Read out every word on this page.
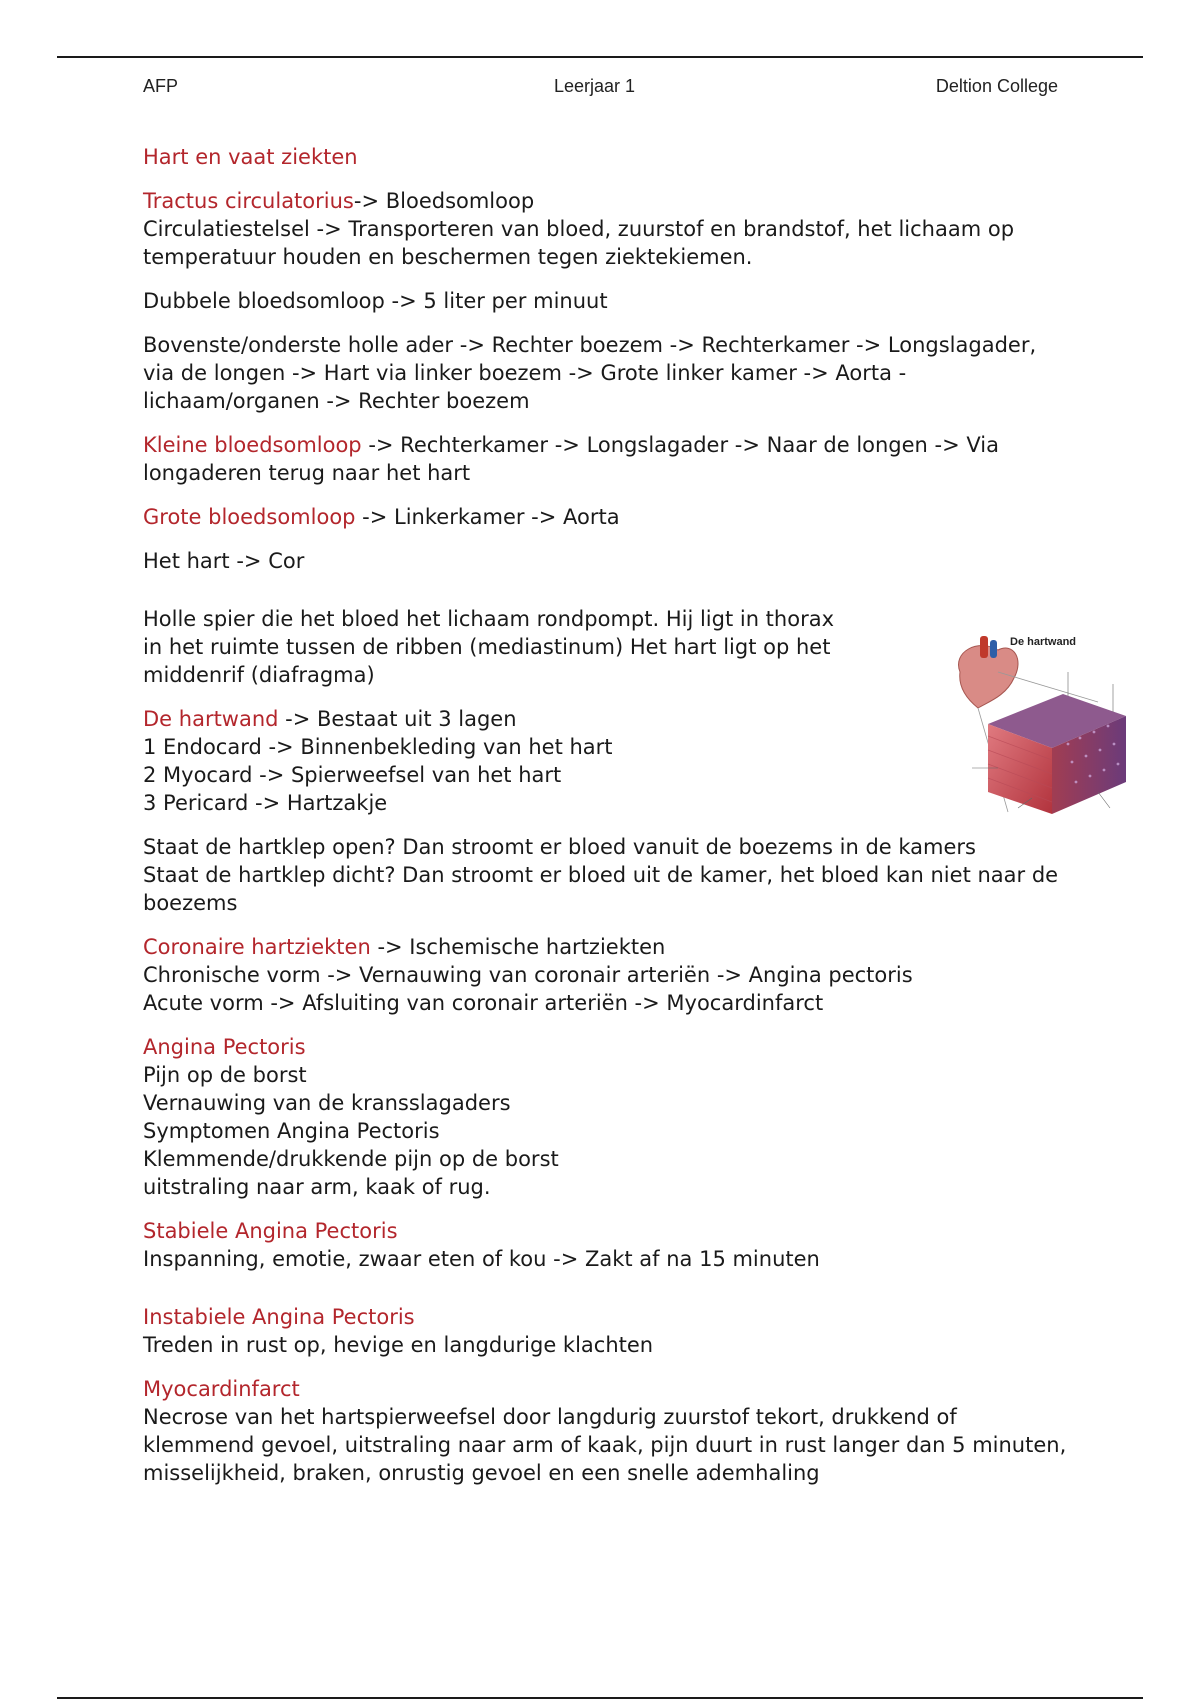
AFP	Leerjaar 1	Deltion College

Hart en vaat ziekten

Tractus circulatorius-> Bloedsomloop
Circulatiestelsel -> Transporteren van bloed, zuurstof en brandstof, het lichaam op temperatuur houden en beschermen tegen ziektekiemen.

Dubbele bloedsomloop -> 5 liter per minuut

Bovenste/onderste holle ader -> Rechter boezem -> Rechterkamer -> Longslagader, via de longen -> Hart via linker boezem -> Grote linker kamer -> Aorta -lichaam/organen -> Rechter boezem

Kleine bloedsomloop -> Rechterkamer -> Longslagader -> Naar de longen -> Via longaderen terug naar het hart

Grote bloedsomloop -> Linkerkamer -> Aorta

Het hart -> Cor

Holle spier die het bloed het lichaam rondpompt. Hij ligt in thorax in het ruimte tussen de ribben (mediastinum) Het hart ligt op het middenrif (diafragma)

De hartwand -> Bestaat uit 3 lagen
1 Endocard -> Binnenbekleding van het hart
2 Myocard -> Spierweefsel van het hart
3 Pericard -> Hartzakje

Staat de hartklep open? Dan stroomt er bloed vanuit de boezems in de kamers
Staat de hartklep dicht? Dan stroomt er bloed uit de kamer, het bloed kan niet naar de boezems

Coronaire hartziekten -> Ischemische hartziekten
Chronische vorm -> Vernauwing van coronair arteriën -> Angina pectoris
Acute vorm -> Afsluiting van coronair arteriën -> Myocardinfarct

Angina Pectoris
Pijn op de borst
Vernauwing van de kransslagaders
Symptomen Angina Pectoris
Klemmende/drukkende pijn op de borst
uitstraling naar arm, kaak of rug.

Stabiele Angina Pectoris
Inspanning, emotie, zwaar eten of kou -> Zakt af na 15 minuten

Instabiele Angina Pectoris
Treden in rust op, hevige en langdurige klachten

Myocardinfarct
Necrose van het hartspierweefsel door langdurig zuurstof tekort, drukkend of klemmend gevoel, uitstraling naar arm of kaak, pijn duurt in rust langer dan 5 minuten, misselijkheid, braken, onrustig gevoel en een snelle ademhaling

De hartwand
